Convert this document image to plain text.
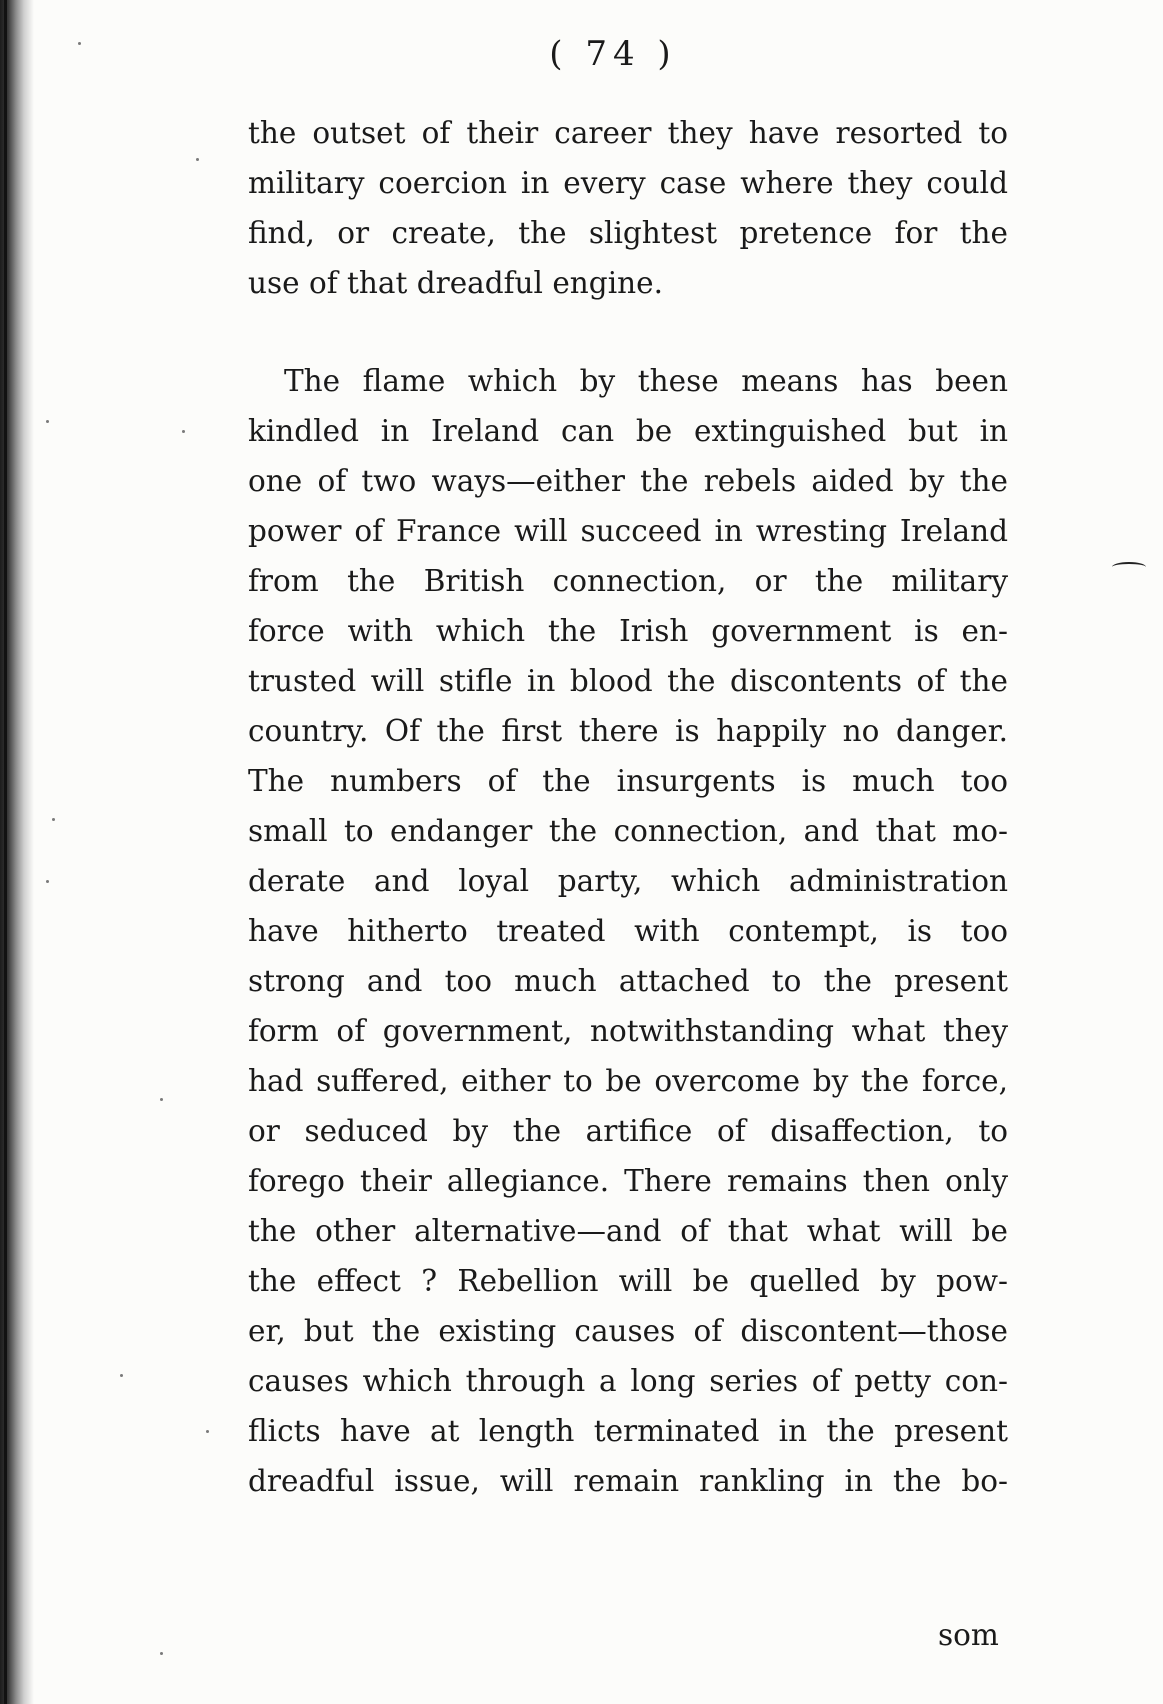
( 74 )
the outset of their career they have resorted to
military coercion in every case where they could
find, or create, the slightest pretence for the
use of that dreadful engine.
The flame which by these means has been
kindled in Ireland can be extinguished but in
one of two ways—either the rebels aided by the
power of France will succeed in wresting Ireland
from the British connection, or the military
force with which the Irish government is en-
trusted will stifle in blood the discontents of the
country. Of the first there is happily no danger.
The numbers of the insurgents is much too
small to endanger the connection, and that mo-
derate and loyal party, which administration
have hitherto treated with contempt, is too
strong and too much attached to the present
form of government, notwithstanding what they
had suffered, either to be overcome by the force,
or seduced by the artifice of disaffection, to
forego their allegiance. There remains then only
the other alternative—and of that what will be
the effect ? Rebellion will be quelled by pow-
er, but the existing causes of discontent—those
causes which through a long series of petty con-
flicts have at length terminated in the present
dreadful issue, will remain rankling in the bo-
som
